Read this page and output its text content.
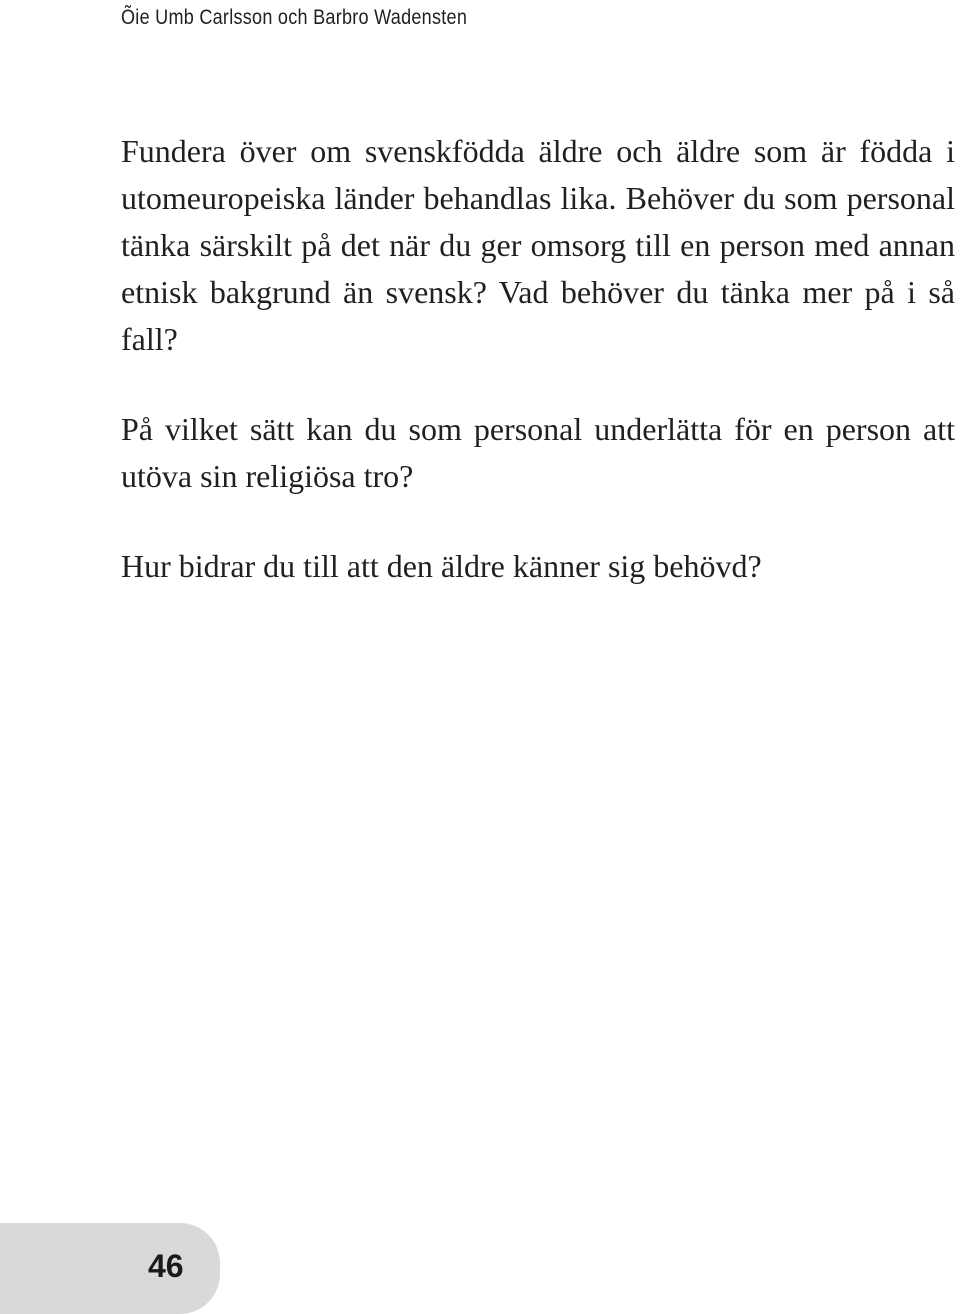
Õie Umb Carlsson och Barbro Wadensten

Fundera över om svenskfödda äldre och äldre som är födda i utomeuropeiska länder behandlas lika. Behöver du som personal tänka särskilt på det när du ger omsorg till en person med annan etnisk bakgrund än svensk? Vad behöver du tänka mer på i så fall?

På vilket sätt kan du som personal underlätta för en person att utöva sin religiösa tro?

Hur bidrar du till att den äldre känner sig behövd?

46
